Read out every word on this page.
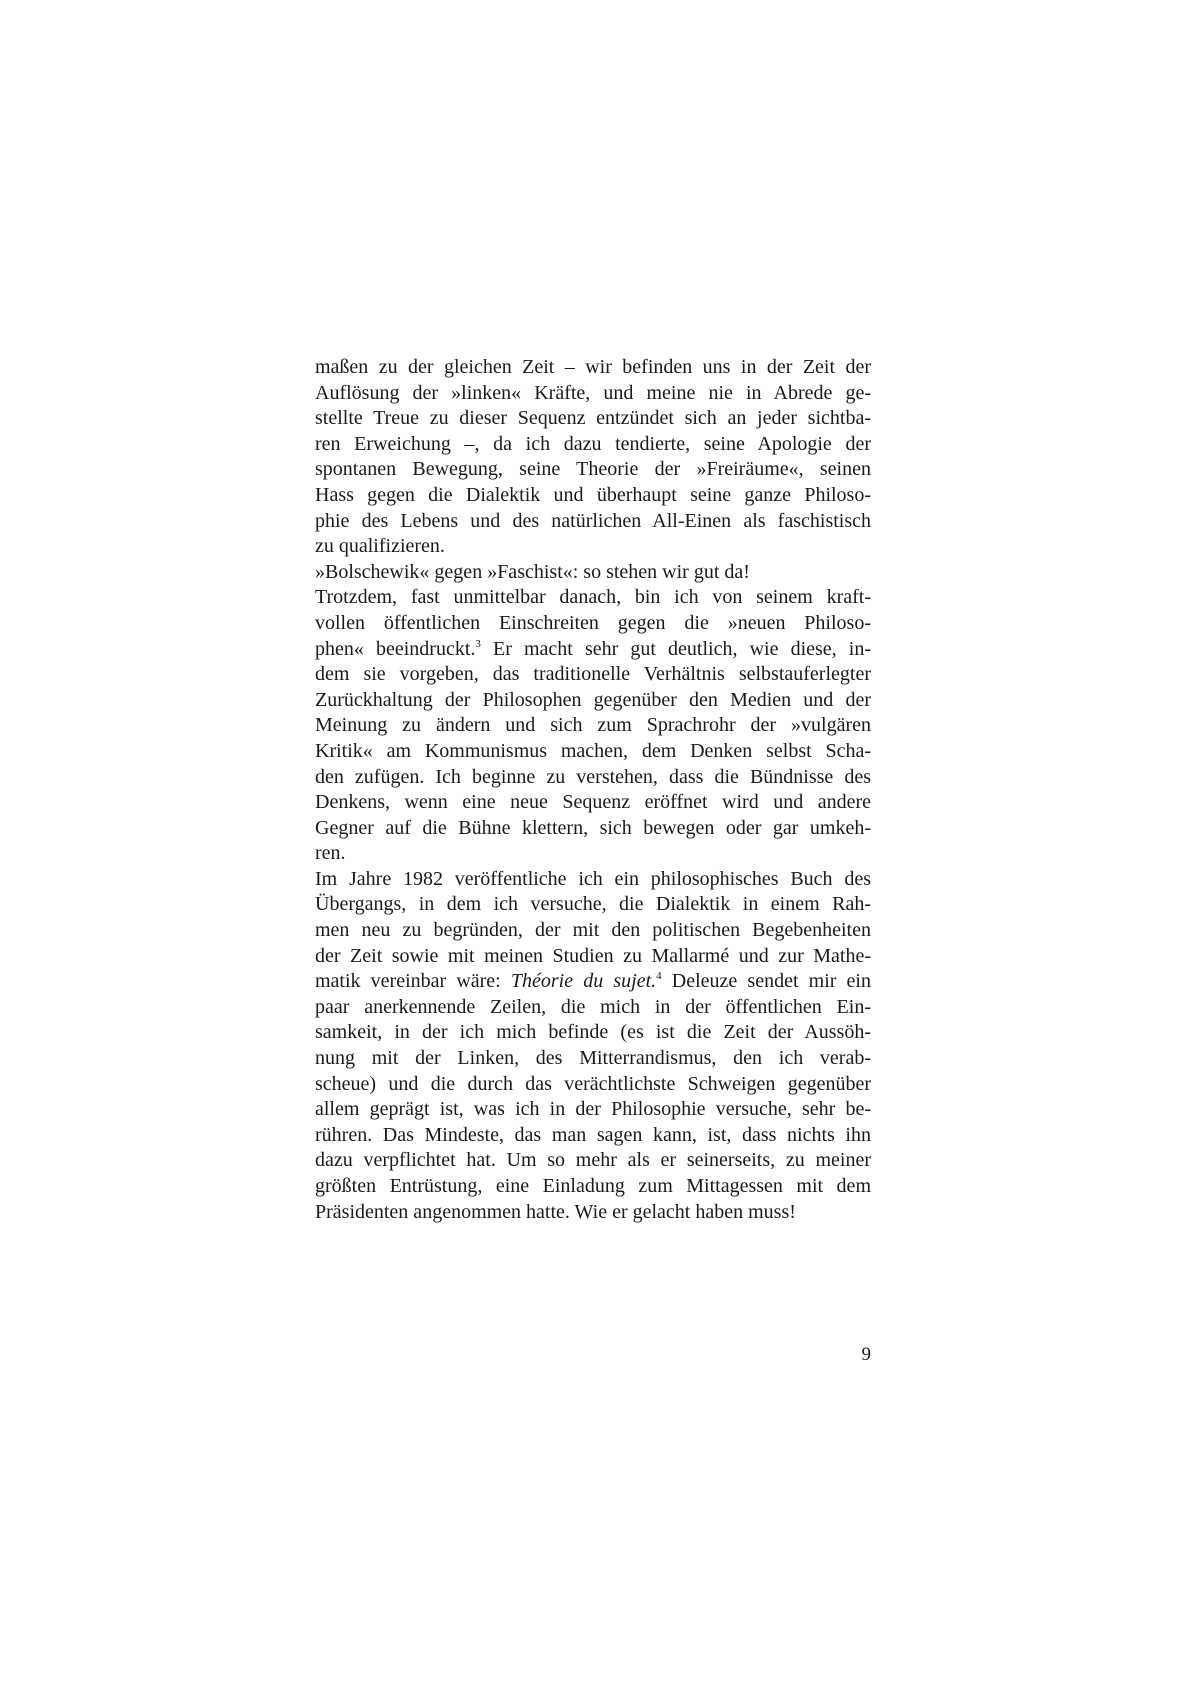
maßen zu der gleichen Zeit – wir befinden uns in der Zeit der
Auflösung der »linken« Kräfte, und meine nie in Abrede ge-
stellte Treue zu dieser Sequenz entzündet sich an jeder sichtba-
ren Erweichung –, da ich dazu tendierte, seine Apologie der
spontanen Bewegung, seine Theorie der »Freiräume«, seinen
Hass gegen die Dialektik und überhaupt seine ganze Philoso-
phie des Lebens und des natürlichen All-Einen als faschistisch
zu qualifizieren.
»Bolschewik« gegen »Faschist«: so stehen wir gut da!
Trotzdem, fast unmittelbar danach, bin ich von seinem kraft-
vollen öffentlichen Einschreiten gegen die »neuen Philoso-
phen« beeindruckt.$^3$ Er macht sehr gut deutlich, wie diese, in-
dem sie vorgeben, das traditionelle Verhältnis selbstauferlegter
Zurückhaltung der Philosophen gegenüber den Medien und der
Meinung zu ändern und sich zum Sprachrohr der »vulgären
Kritik« am Kommunismus machen, dem Denken selbst Scha-
den zufügen. Ich beginne zu verstehen, dass die Bündnisse des
Denkens, wenn eine neue Sequenz eröffnet wird und andere
Gegner auf die Bühne klettern, sich bewegen oder gar umkeh-
ren.
Im Jahre 1982 veröffentliche ich ein philosophisches Buch des
Übergangs, in dem ich versuche, die Dialektik in einem Rah-
men neu zu begründen, der mit den politischen Begebenheiten
der Zeit sowie mit meinen Studien zu Mallarmé und zur Mathe-
matik vereinbar wäre: Théorie du sujet.$^4$ Deleuze sendet mir ein
paar anerkennende Zeilen, die mich in der öffentlichen Ein-
samkeit, in der ich mich befinde (es ist die Zeit der Aussöh-
nung mit der Linken, des Mitterrandismus, den ich verab-
scheue) und die durch das verächtlichste Schweigen gegenüber
allem geprägt ist, was ich in der Philosophie versuche, sehr be-
rühren. Das Mindeste, das man sagen kann, ist, dass nichts ihn
dazu verpflichtet hat. Um so mehr als er seinerseits, zu meiner
größten Entrüstung, eine Einladung zum Mittagessen mit dem
Präsidenten angenommen hatte. Wie er gelacht haben muss!
9
